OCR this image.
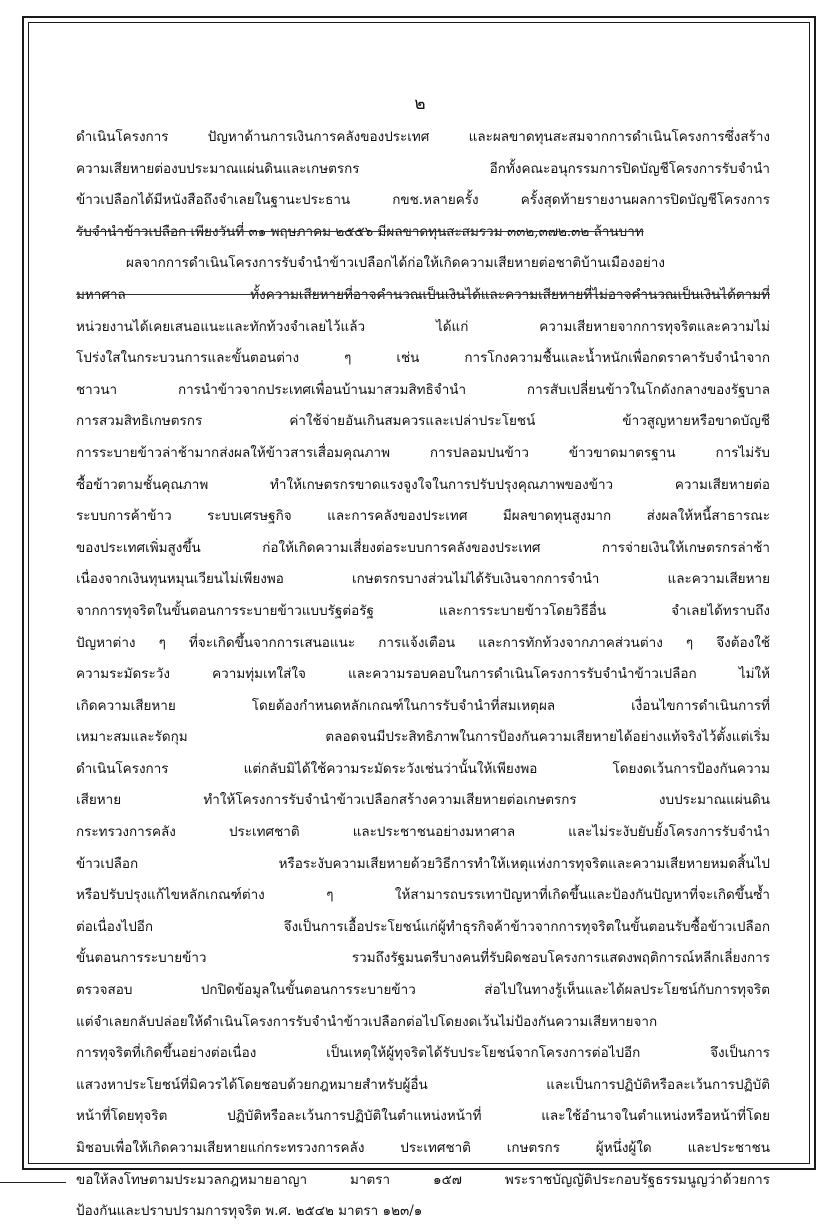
๒
ดำเนินโครงการ ปัญหาด้านการเงินการคลังของประเทศ และผลขาดทุนสะสมจากการดำเนินโครงการซึ่งสร้าง
ความเสียหายต่องบประมาณแผ่นดินและเกษตรกร อีกทั้งคณะอนุกรรมการปิดบัญชีโครงการรับจำนำ
ข้าวเปลือกได้มีหนังสือถึงจำเลยในฐานะประธาน กขช.หลายครั้ง ครั้งสุดท้ายรายงานผลการปิดบัญชีโครงการ
รับจำนำข้าวเปลือก เพียงวันที่ ๓๑ พฤษภาคม ๒๕๕๖ มีผลขาดทุนสะสมรวม ๓๓๒,๓๗๒.๓๒ ล้านบาท
ผลจากการดำเนินโครงการรับจำนำข้าวเปลือกได้ก่อให้เกิดความเสียหายต่อชาติบ้านเมืองอย่าง
มหาศาล ทั้งความเสียหายที่อาจคำนวณเป็นเงินได้และความเสียหายที่ไม่อาจคำนวณเป็นเงินได้ตามที่
หน่วยงานได้เคยเสนอแนะและทักท้วงจำเลยไว้แล้ว ได้แก่ ความเสียหายจากการทุจริตและความไม่
โปร่งใสในกระบวนการและขั้นตอนต่าง ๆ เช่น การโกงความชื้นและน้ำหนักเพื่อกดราคารับจำนำจาก
ชาวนา การนำข้าวจากประเทศเพื่อนบ้านมาสวมสิทธิจำนำ การสับเปลี่ยนข้าวในโกดังกลางของรัฐบาล
การสวมสิทธิเกษตรกร ค่าใช้จ่ายอันเกินสมควรและเปล่าประโยชน์ ข้าวสูญหายหรือขาดบัญชี
การระบายข้าวล่าช้ามากส่งผลให้ข้าวสารเสื่อมคุณภาพ การปลอมปนข้าว ข้าวขาดมาตรฐาน การไม่รับ
ซื้อข้าวตามชั้นคุณภาพ ทำให้เกษตรกรขาดแรงจูงใจในการปรับปรุงคุณภาพของข้าว ความเสียหายต่อ
ระบบการค้าข้าว ระบบเศรษฐกิจ และการคลังของประเทศ มีผลขาดทุนสูงมาก ส่งผลให้หนี้สาธารณะ
ของประเทศเพิ่มสูงขึ้น ก่อให้เกิดความเสี่ยงต่อระบบการคลังของประเทศ การจ่ายเงินให้เกษตรกรล่าช้า
เนื่องจากเงินทุนหมุนเวียนไม่เพียงพอ เกษตรกรบางส่วนไม่ได้รับเงินจากการจำนำ และความเสียหาย
จากการทุจริตในขั้นตอนการระบายข้าวแบบรัฐต่อรัฐ และการระบายข้าวโดยวิธีอื่น จำเลยได้ทราบถึง
ปัญหาต่าง ๆ ที่จะเกิดขึ้นจากการเสนอแนะ การแจ้งเตือน และการทักท้วงจากภาคส่วนต่าง ๆ จึงต้องใช้
ความระมัดระวัง ความทุ่มเทใส่ใจ และความรอบคอบในการดำเนินโครงการรับจำนำข้าวเปลือก ไม่ให้
เกิดความเสียหาย โดยต้องกำหนดหลักเกณฑ์ในการรับจำนำที่สมเหตุผล เงื่อนไขการดำเนินการที่
เหมาะสมและรัดกุม ตลอดจนมีประสิทธิภาพในการป้องกันความเสียหายได้อย่างแท้จริงไว้ตั้งแต่เริ่ม
ดำเนินโครงการ แต่กลับมิได้ใช้ความระมัดระวังเช่นว่านั้นให้เพียงพอ โดยงดเว้นการป้องกันความ
เสียหาย ทำให้โครงการรับจำนำข้าวเปลือกสร้างความเสียหายต่อเกษตรกร งบประมาณแผ่นดิน
กระทรวงการคลัง ประเทศชาติ และประชาชนอย่างมหาศาล และไม่ระงับยับยั้งโครงการรับจำนำ
ข้าวเปลือก หรือระงับความเสียหายด้วยวิธีการทำให้เหตุแห่งการทุจริตและความเสียหายหมดสิ้นไป
หรือปรับปรุงแก้ไขหลักเกณฑ์ต่าง ๆ ให้สามารถบรรเทาปัญหาที่เกิดขึ้นและป้องกันปัญหาที่จะเกิดขึ้นซ้ำ
ต่อเนื่องไปอีก จึงเป็นการเอื้อประโยชน์แก่ผู้ทำธุรกิจค้าข้าวจากการทุจริตในขั้นตอนรับซื้อข้าวเปลือก
ขั้นตอนการระบายข้าว รวมถึงรัฐมนตรีบางคนที่รับผิดชอบโครงการแสดงพฤติการณ์หลีกเลี่ยงการ
ตรวจสอบ ปกปิดข้อมูลในขั้นตอนการระบายข้าว ส่อไปในทางรู้เห็นและได้ผลประโยชน์กับการทุจริต
แต่จำเลยกลับปล่อยให้ดำเนินโครงการรับจำนำข้าวเปลือกต่อไปโดยงดเว้นไม่ป้องกันความเสียหายจาก
การทุจริตที่เกิดขึ้นอย่างต่อเนื่อง เป็นเหตุให้ผู้ทุจริตได้รับประโยชน์จากโครงการต่อไปอีก จึงเป็นการ
แสวงหาประโยชน์ที่มิควรได้โดยชอบด้วยกฎหมายสำหรับผู้อื่น และเป็นการปฏิบัติหรือละเว้นการปฏิบัติ
หน้าที่โดยทุจริต ปฏิบัติหรือละเว้นการปฏิบัติในตำแหน่งหน้าที่ และใช้อำนาจในตำแหน่งหรือหน้าที่โดย
มิชอบเพื่อให้เกิดความเสียหายแก่กระทรวงการคลัง ประเทศชาติ เกษตรกร ผู้หนึ่งผู้ใด และประชาชน
ขอให้ลงโทษตามประมวลกฎหมายอาญา มาตรา ๑๕๗ พระราชบัญญัติประกอบรัฐธรรมนูญว่าด้วยการ
ป้องกันและปราบปรามการทุจริต พ.ศ. ๒๕๔๒ มาตรา ๑๒๓/๑
